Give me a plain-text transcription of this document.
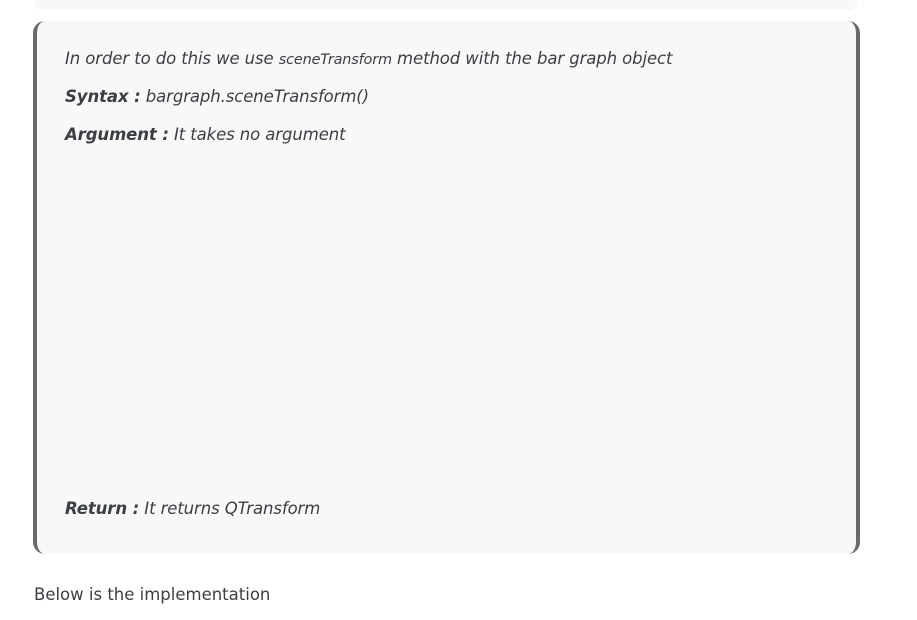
In order to do this we use sceneTransform method with the bar graph object
Syntax : bargraph.sceneTransform()
Argument : It takes no argument
Return : It returns QTransform
Below is the implementation
